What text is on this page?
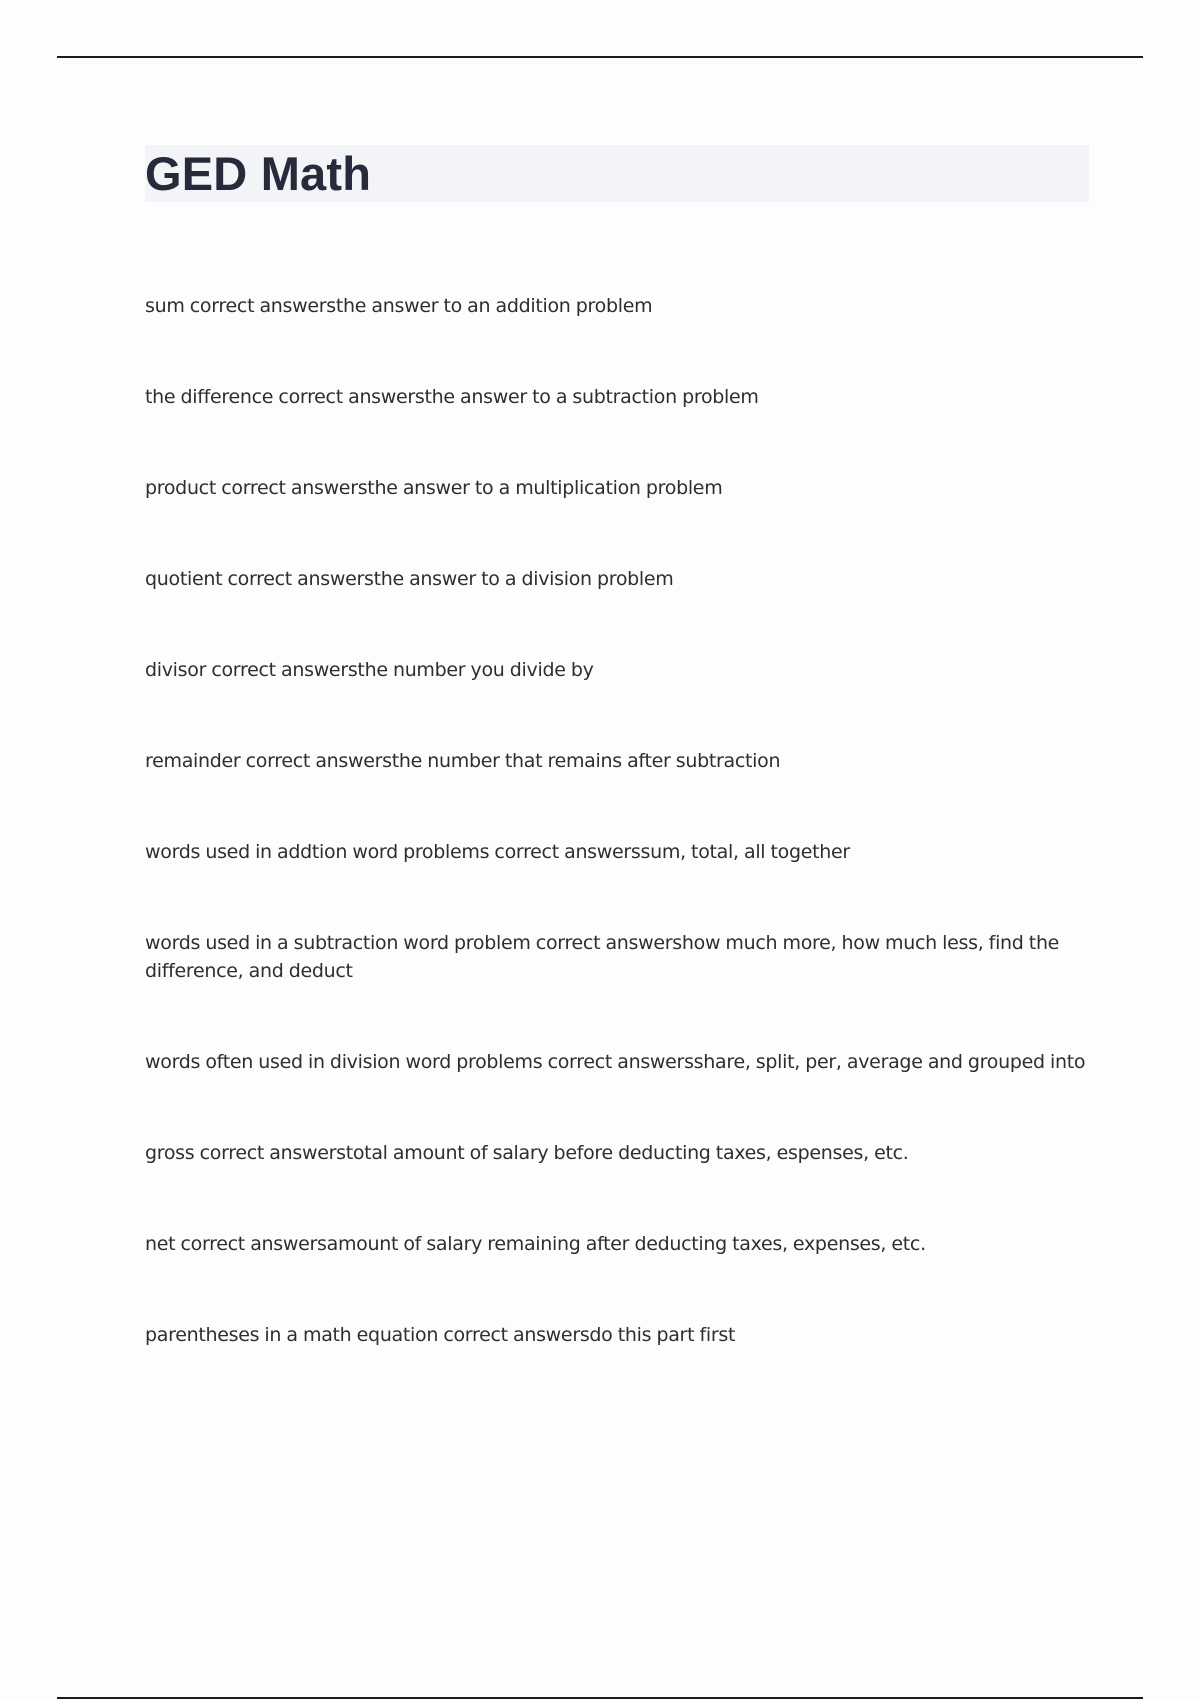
GED Math

sum correct answersthe answer to an addition problem

the difference correct answersthe answer to a subtraction problem

product correct answersthe answer to a multiplication problem

quotient correct answersthe answer to a division problem

divisor correct answersthe number you divide by

remainder correct answersthe number that remains after subtraction

words used in addtion word problems correct answerssum, total, all together

words used in a subtraction word problem correct answershow much more, how much less, find the difference, and deduct

words often used in division word problems correct answersshare, split, per, average and grouped into

gross correct answerstotal amount of salary before deducting taxes, espenses, etc.

net correct answersamount of salary remaining after deducting taxes, expenses, etc.

parentheses in a math equation correct answersdo this part first
